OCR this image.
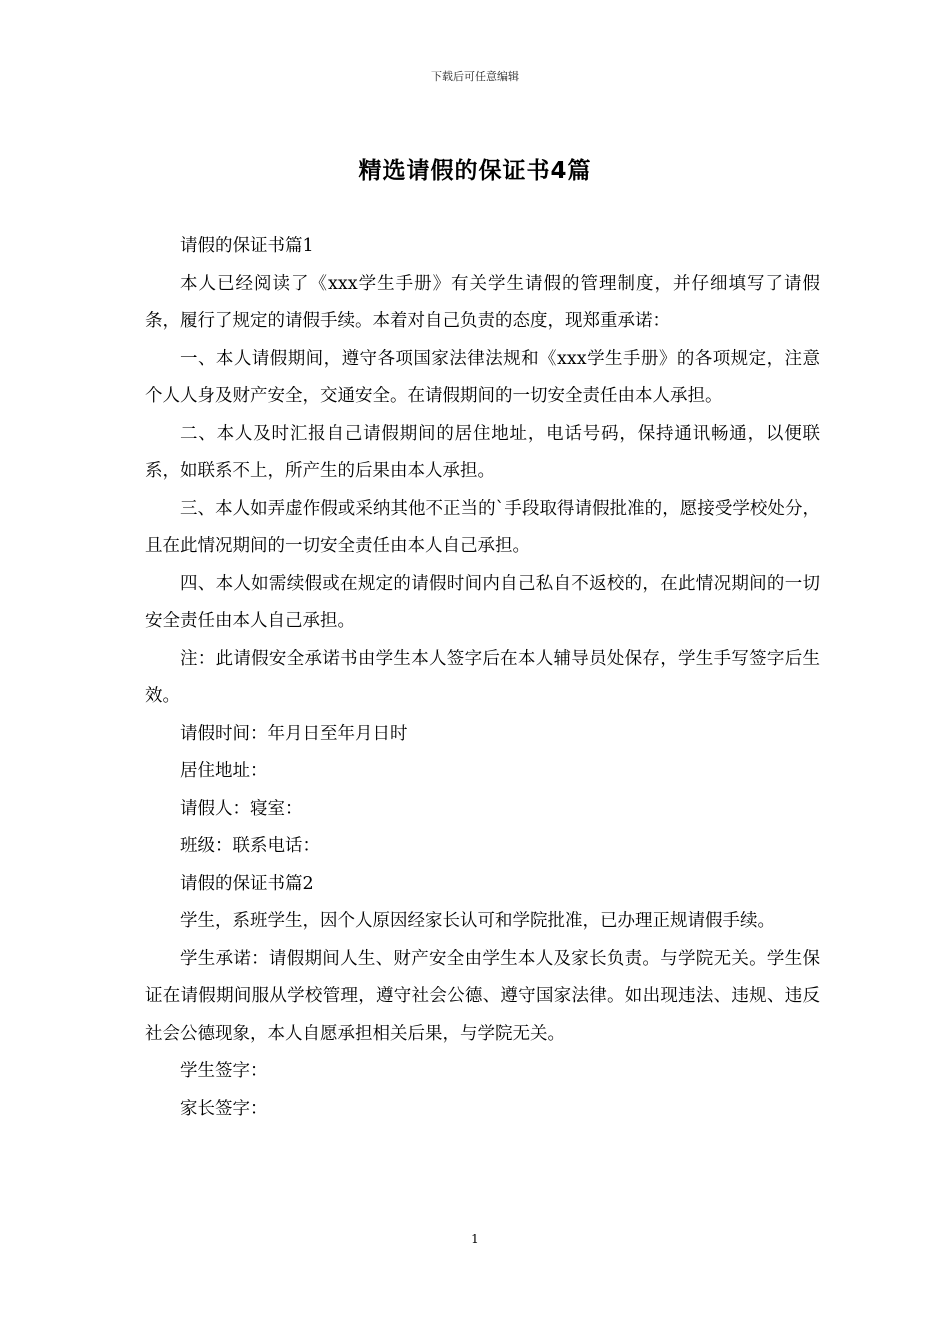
下载后可任意编辑
精选请假的保证书4篇

请假的保证书篇1

本人已经阅读了《xxx学生手册》有关学生请假的管理制度，并仔细填写了请假条，履行了规定的请假手续。本着对自己负责的态度，现郑重承诺：

一、本人请假期间，遵守各项国家法律法规和《xxx学生手册》的各项规定，注意个人人身及财产安全，交通安全。在请假期间的一切安全责任由本人承担。

二、本人及时汇报自己请假期间的居住地址，电话号码，保持通讯畅通，以便联系，如联系不上，所产生的后果由本人承担。

三、本人如弄虚作假或采纳其他不正当的`手段取得请假批准的，愿接受学校处分，且在此情况期间的一切安全责任由本人自己承担。

四、本人如需续假或在规定的请假时间内自己私自不返校的，在此情况期间的一切安全责任由本人自己承担。

注：此请假安全承诺书由学生本人签字后在本人辅导员处保存，学生手写签字后生效。

请假时间：年月日至年月日时

居住地址：

请假人：寝室：

班级：联系电话：

请假的保证书篇2

学生，系班学生，因个人原因经家长认可和学院批准，已办理正规请假手续。

学生承诺：请假期间人生、财产安全由学生本人及家长负责。与学院无关。学生保证在请假期间服从学校管理，遵守社会公德、遵守国家法律。如出现违法、违规、违反社会公德现象，本人自愿承担相关后果，与学院无关。

学生签字：

家长签字：

1
